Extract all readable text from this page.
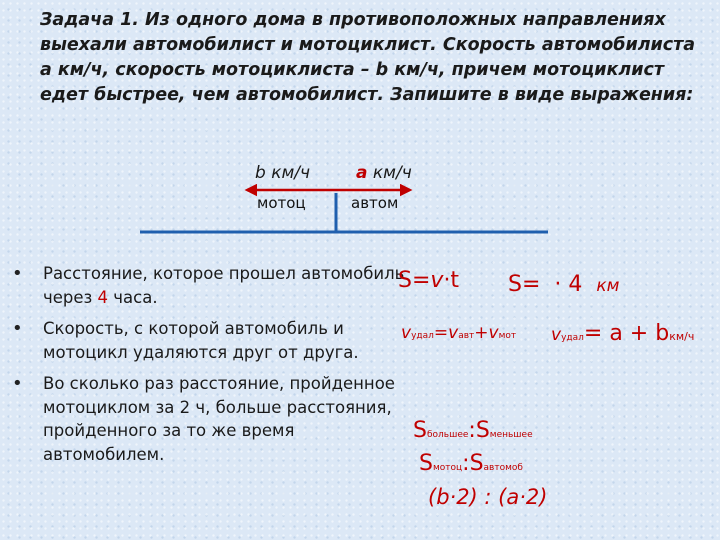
Задача 1. Из одного дома в противоположных направлениях выехали автомобилист и мотоциклист. Скорость автомобилиста а км/ч, скорость мотоциклиста – b км/ч, причем мотоциклист едет быстрее, чем автомобилист. Запишите в виде выражения:

b км/ч	a км/ч
мотоц	автом
• Расстояние, которое прошел автомобиль через 4 часа.
• Скорость, с которой автомобиль и мотоцикл удаляются друг от друга.
• Во сколько раз расстояние, пройденное мотоциклом за 2 ч, больше расстояния, пройденного за то же время автомобилем.
S=v·t S= · 4 км
vудал=vавт+vмот vудал= a + bкм/ч
Sбольшее:Sменьшее
Sмотоц:Sавтомоб
(b·2) : (a·2)
